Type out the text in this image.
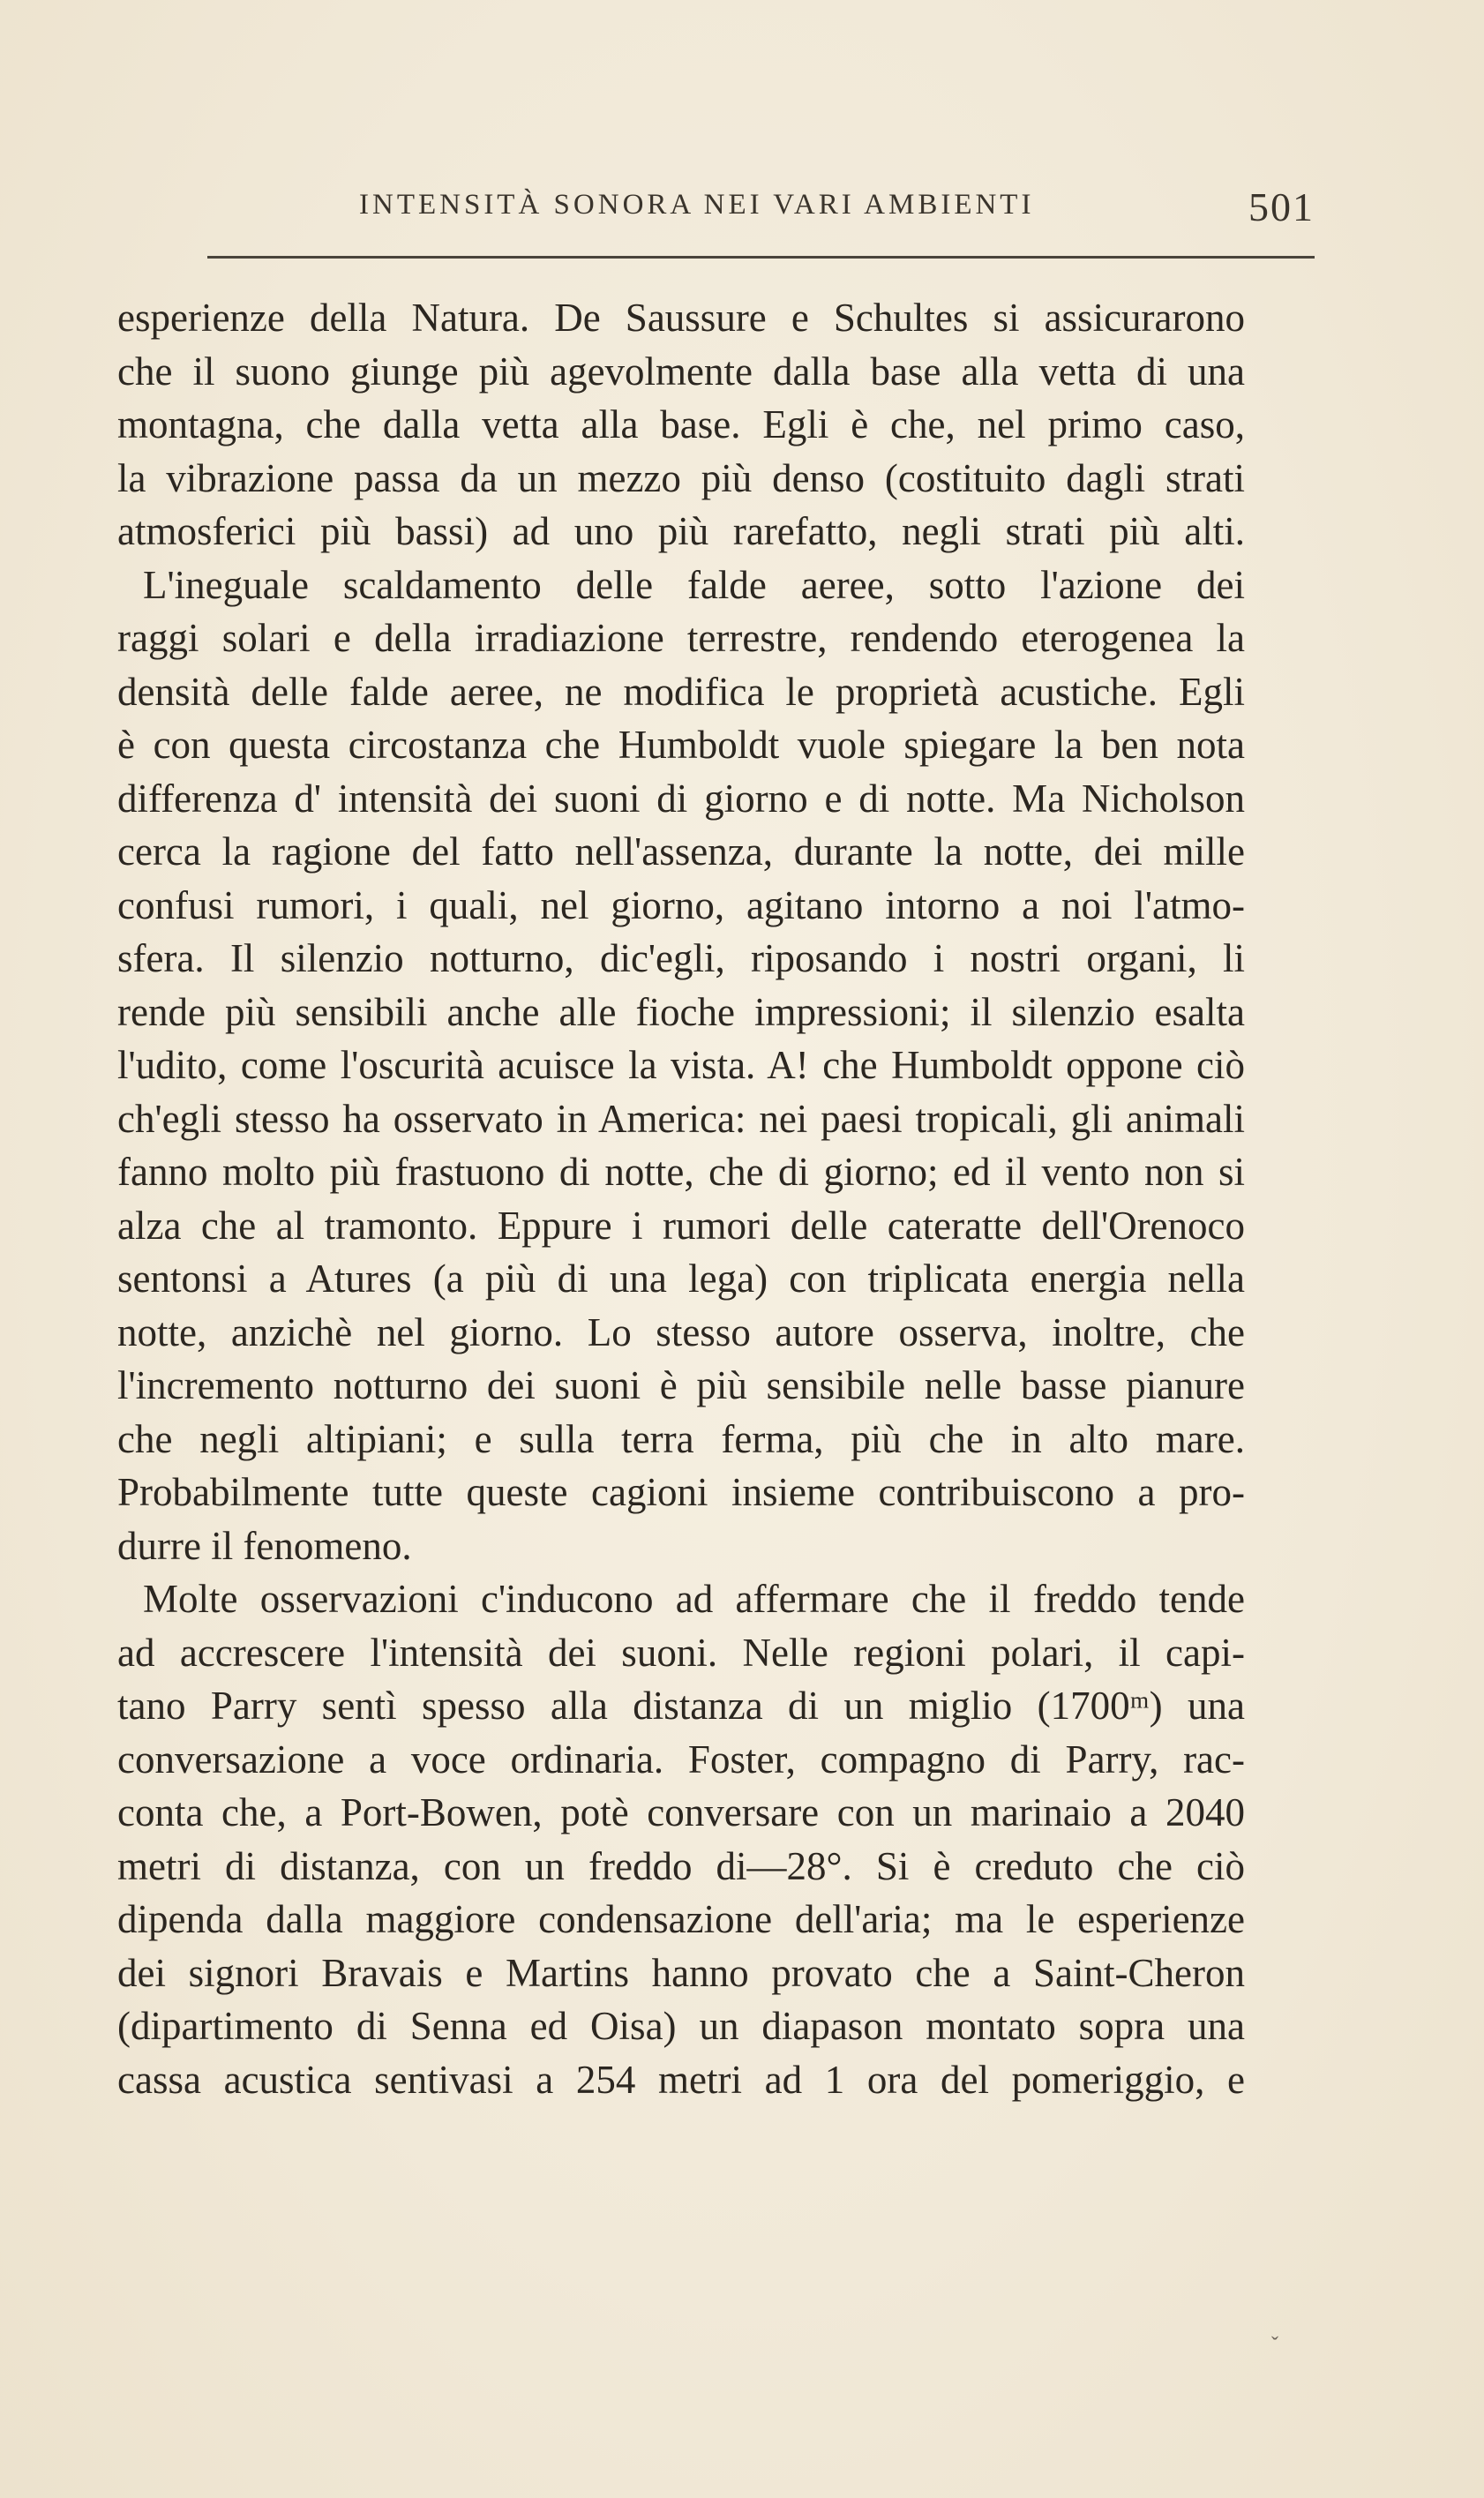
INTENSITÀ SONORA NEI VARI AMBIENTI	501
esperienze della Natura. De Saussure e Schultes si assicurarono
che il suono giunge più agevolmente dalla base alla vetta di una
montagna, che dalla vetta alla base. Egli è che, nel primo caso,
la vibrazione passa da un mezzo più denso (costituito dagli strati
atmosferici più bassi) ad uno più rarefatto, negli strati più alti.
L'ineguale scaldamento delle falde aeree, sotto l'azione dei
raggi solari e della irradiazione terrestre, rendendo eterogenea la
densità delle falde aeree, ne modifica le proprietà acustiche. Egli
è con questa circostanza che Humboldt vuole spiegare la ben nota
differenza d' intensità dei suoni di giorno e di notte. Ma Nicholson
cerca la ragione del fatto nell'assenza, durante la notte, dei mille
confusi rumori, i quali, nel giorno, agitano intorno a noi l'atmo-
sfera. Il silenzio notturno, dic'egli, riposando i nostri organi, li
rende più sensibili anche alle fioche impressioni; il silenzio esalta
l'udito, come l'oscurità acuisce la vista. A! che Humboldt oppone ciò
ch'egli stesso ha osservato in America: nei paesi tropicali, gli animali
fanno molto più frastuono di notte, che di giorno; ed il vento non si
alza che al tramonto. Eppure i rumori delle cateratte dell'Orenoco
sentonsi a Atures (a più di una lega) con triplicata energia nella
notte, anzichè nel giorno. Lo stesso autore osserva, inoltre, che
l'incremento notturno dei suoni è più sensibile nelle basse pianure
che negli altipiani; e sulla terra ferma, più che in alto mare.
Probabilmente tutte queste cagioni insieme contribuiscono a pro-
durre il fenomeno.
Molte osservazioni c'inducono ad affermare che il freddo tende
ad accrescere l'intensità dei suoni. Nelle regioni polari, il capi-
tano Parry sentì spesso alla distanza di un miglio (1700ᵐ) una
conversazione a voce ordinaria. Foster, compagno di Parry, rac-
conta che, a Port-Bowen, potè conversare con un marinaio a 2040
metri di distanza, con un freddo di—28°. Si è creduto che ciò
dipenda dalla maggiore condensazione dell'aria; ma le esperienze
dei signori Bravais e Martins hanno provato che a Saint-Cheron
(dipartimento di Senna ed Oisa) un diapason montato sopra una
cassa acustica sentivasi a 254 metri ad 1 ora del pomeriggio, e
ˇ
